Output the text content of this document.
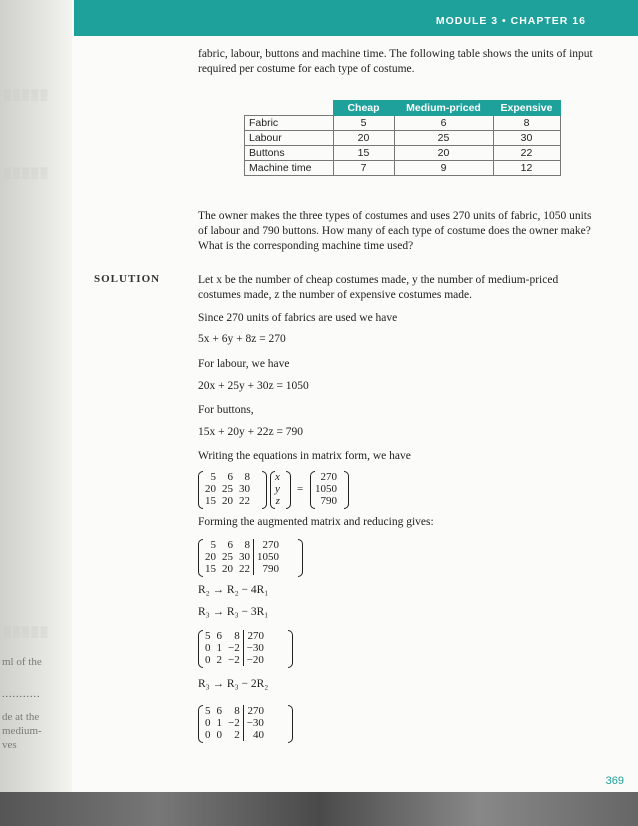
▒▒▒▒▒
▒▒▒▒▒
▒▒▒▒▒
ml of the
...........
de at the
medium-
ves
MODULE 3 • CHAPTER 16

fabric, labour, buttons and machine time. The following table shows the units of input required per costume for each type of costume.

	Cheap	Medium-priced	Expensive
Fabric	5	6	8
Labour	20	25	30
Buttons	15	20	22
Machine time	7	9	12

The owner makes the three types of costumes and uses 270 units of fabric, 1050 units of labour and 790 buttons. How many of each type of costume does the owner make? What is the corresponding machine time used?

SOLUTION	Let x be the number of cheap costumes made, y the number of medium-priced costumes made, z the number of expensive costumes made.

Since 270 units of fabrics are used we have

5x + 6y + 8z = 270

For labour, we have

20x + 25y + 30z = 1050

For buttons,

15x + 20y + 22z = 790

Writing the equations in matrix form, we have

5	6	8
20	25	30
15	20	22
x
y
z
=
270
1050
790

Forming the augmented matrix and reducing gives:

5	6	8	270
20	25	30	1050
15	20	22	790
R₂ → R₂ − 4R₁
R₃ → R₃ − 3R₁
5	6	8	270
0	1	−2	−30
0	2	−2	−20
R₃ → R₃ − 2R₂
5	6	8	270
0	1	−2	−30
0	0	2	40
369
